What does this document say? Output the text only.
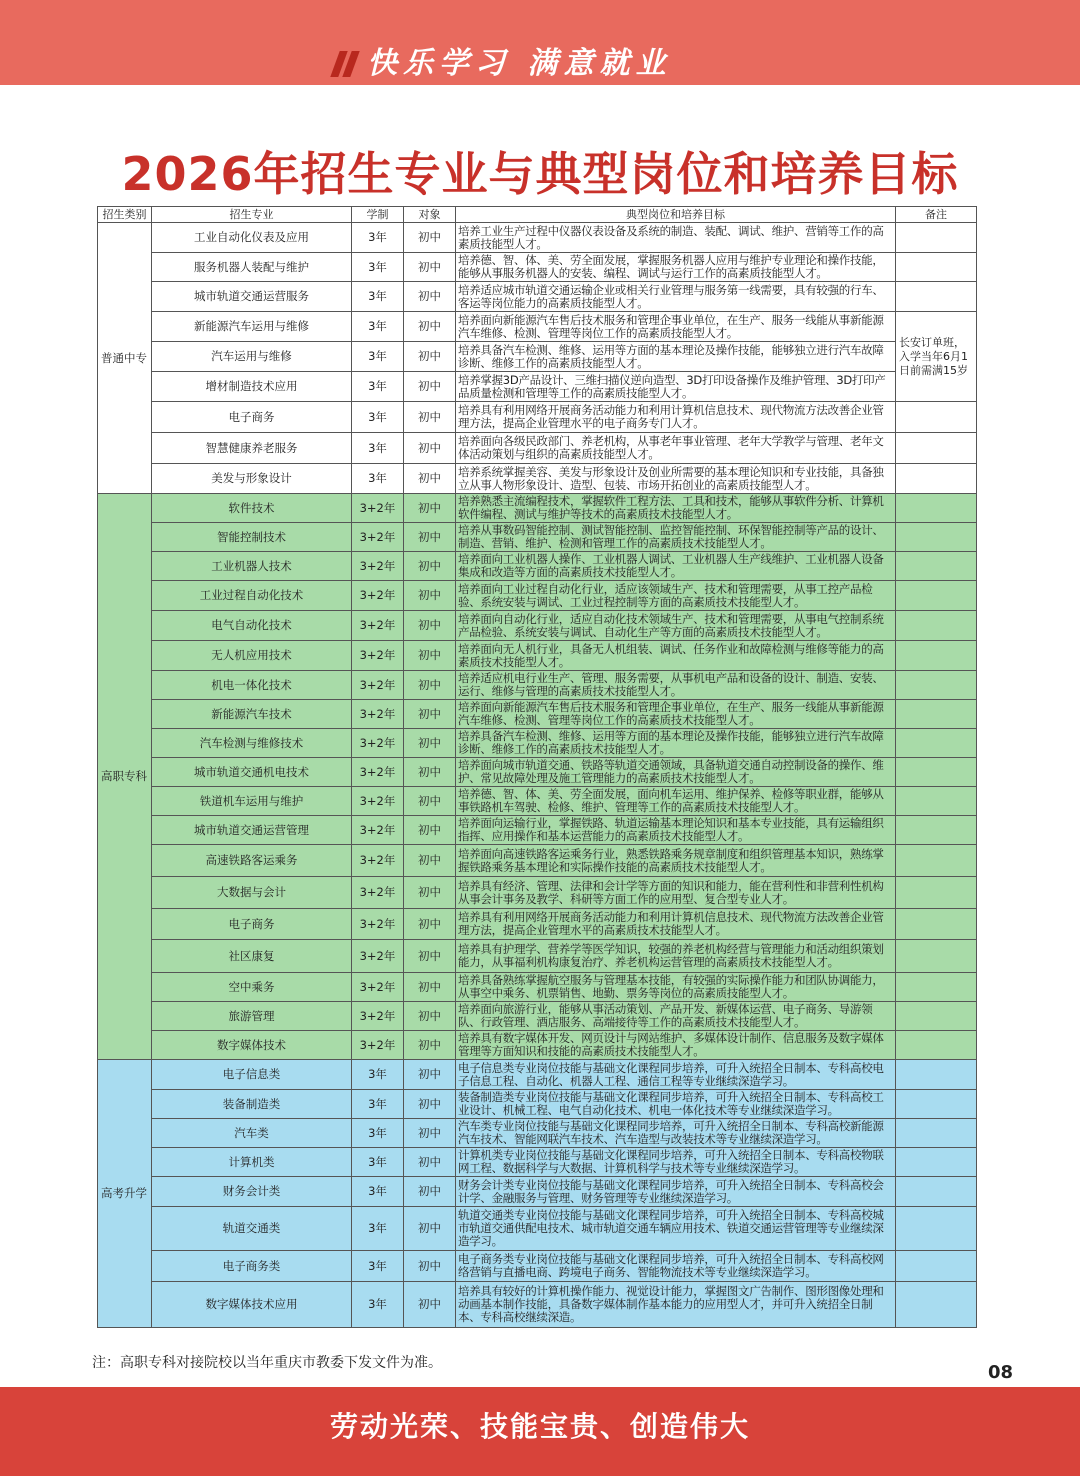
快乐学习 满意就业
2026年招生专业与典型岗位和培养目标
招生类别	招生专业	学制	对象	典型岗位和培养目标	备注
普通中专	工业自动化仪表及应用	3年	初中	培养工业生产过程中仪器仪表设备及系统的制造、装配、调试、维护、营销等工作的高素质技能型人才。	
	服务机器人装配与维护	3年	初中	培养德、智、体、美、劳全面发展，掌握服务机器人应用与维护专业理论和操作技能，能够从事服务机器人的安装、编程、调试与运行工作的高素质技能型人才。	
	城市轨道交通运营服务	3年	初中	培养适应城市轨道交通运输企业或相关行业管理与服务第一线需要，具有较强的行车、客运等岗位能力的高素质技能型人才。	
	新能源汽车运用与维修	3年	初中	培养面向新能源汽车售后技术服务和管理企事业单位，在生产、服务一线能从事新能源汽车维修、检测、管理等岗位工作的高素质技能型人才。	长安订单班，入学当年6月1日前需满15岁
	汽车运用与维修	3年	初中	培养具备汽车检测、维修、运用等方面的基本理论及操作技能，能够独立进行汽车故障诊断、维修工作的高素质技能型人才。	
	增材制造技术应用	3年	初中	培养掌握3D产品设计、三维扫描仪逆向造型、3D打印设备操作及维护管理、3D打印产品质量检测和管理等工作的高素质技能型人才。	
	电子商务	3年	初中	培养具有利用网络开展商务活动能力和利用计算机信息技术、现代物流方法改善企业管理方法，提高企业管理水平的电子商务专门人才。	
	智慧健康养老服务	3年	初中	培养面向各级民政部门、养老机构，从事老年事业管理、老年大学教学与管理、老年文体活动策划与组织的高素质技能型人才。	
	美发与形象设计	3年	初中	培养系统掌握美容、美发与形象设计及创业所需要的基本理论知识和专业技能，具备独立从事人物形象设计、造型、包装、市场开拓创业的高素质技能型人才。	
高职专科	软件技术	3+2年	初中	培养熟悉主流编程技术，掌握软件工程方法、工具和技术，能够从事软件分析、计算机软件编程、测试与维护等技术的高素质技术技能型人才。	
	智能控制技术	3+2年	初中	培养从事数码智能控制、测试智能控制、监控智能控制、环保智能控制等产品的设计、制造、营销、维护、检测和管理工作的高素质技术技能型人才。	
	工业机器人技术	3+2年	初中	培养面向工业机器人操作、工业机器人调试、工业机器人生产线维护、工业机器人设备集成和改造等方面的高素质技术技能型人才。	
	工业过程自动化技术	3+2年	初中	培养面向工业过程自动化行业，适应该领域生产、技术和管理需要，从事工控产品检验、系统安装与调试、工业过程控制等方面的高素质技术技能型人才。	
	电气自动化技术	3+2年	初中	培养面向自动化行业，适应自动化技术领域生产、技术和管理需要，从事电气控制系统产品检验、系统安装与调试、自动化生产等方面的高素质技术技能型人才。	
	无人机应用技术	3+2年	初中	培养面向无人机行业，具备无人机组装、调试、任务作业和故障检测与维修等能力的高素质技术技能型人才。	
	机电一体化技术	3+2年	初中	培养适应机电行业生产、管理、服务需要，从事机电产品和设备的设计、制造、安装、运行、维修与管理的高素质技术技能型人才。	
	新能源汽车技术	3+2年	初中	培养面向新能源汽车售后技术服务和管理企事业单位，在生产、服务一线能从事新能源汽车维修、检测、管理等岗位工作的高素质技术技能型人才。	
	汽车检测与维修技术	3+2年	初中	培养具备汽车检测、维修、运用等方面的基本理论及操作技能，能够独立进行汽车故障诊断、维修工作的高素质技术技能型人才。	
	城市轨道交通机电技术	3+2年	初中	培养面向城市轨道交通、铁路等轨道交通领域，具备轨道交通自动控制设备的操作、维护、常见故障处理及施工管理能力的高素质技术技能型人才。	
	铁道机车运用与维护	3+2年	初中	培养德、智、体、美、劳全面发展，面向机车运用、维护保养、检修等职业群，能够从事铁路机车驾驶、检修、维护、管理等工作的高素质技术技能型人才。	
	城市轨道交通运营管理	3+2年	初中	培养面向运输行业，掌握铁路、轨道运输基本理论知识和基本专业技能，具有运输组织指挥、应用操作和基本运营能力的高素质技术技能型人才。	
	高速铁路客运乘务	3+2年	初中	培养面向高速铁路客运乘务行业，熟悉铁路乘务规章制度和组织管理基本知识，熟练掌握铁路乘务基本理论和实际操作技能的高素质技术技能型人才。	
	大数据与会计	3+2年	初中	培养具有经济、管理、法律和会计学等方面的知识和能力，能在营利性和非营利性机构从事会计事务及教学、科研等方面工作的应用型、复合型专业人才。	
	电子商务	3+2年	初中	培养具有利用网络开展商务活动能力和利用计算机信息技术、现代物流方法改善企业管理方法，提高企业管理水平的高素质技术技能型人才。	
	社区康复	3+2年	初中	培养具有护理学、营养学等医学知识，较强的养老机构经营与管理能力和活动组织策划能力，从事福利机构康复治疗、养老机构运营管理的高素质技术技能型人才。	
	空中乘务	3+2年	初中	培养具备熟练掌握航空服务与管理基本技能，有较强的实际操作能力和团队协调能力，从事空中乘务、机票销售、地勤、票务等岗位的高素质技能型人才。	
	旅游管理	3+2年	初中	培养面向旅游行业，能够从事活动策划、产品开发、新媒体运营、电子商务、导游领队、行政管理、酒店服务、高端接待等工作的高素质技术技能型人才。	
	数字媒体技术	3+2年	初中	培养具有数字媒体开发、网页设计与网站维护、多媒体设计制作、信息服务及数字媒体管理等方面知识和技能的高素质技术技能型人才。	
高考升学	电子信息类	3年	初中	电子信息类专业岗位技能与基础文化课程同步培养，可升入统招全日制本、专科高校电子信息工程、自动化、机器人工程、通信工程等专业继续深造学习。	
	装备制造类	3年	初中	装备制造类专业岗位技能与基础文化课程同步培养，可升入统招全日制本、专科高校工业设计、机械工程、电气自动化技术、机电一体化技术等专业继续深造学习。	
	汽车类	3年	初中	汽车类专业岗位技能与基础文化课程同步培养，可升入统招全日制本、专科高校新能源汽车技术、智能网联汽车技术、汽车造型与改装技术等专业继续深造学习。	
	计算机类	3年	初中	计算机类专业岗位技能与基础文化课程同步培养，可升入统招全日制本、专科高校物联网工程、数据科学与大数据、计算机科学与技术等专业继续深造学习。	
	财务会计类	3年	初中	财务会计类专业岗位技能与基础文化课程同步培养，可升入统招全日制本、专科高校会计学、金融服务与管理、财务管理等专业继续深造学习。	
	轨道交通类	3年	初中	轨道交通类专业岗位技能与基础文化课程同步培养，可升入统招全日制本、专科高校城市轨道交通供配电技术、城市轨道交通车辆应用技术、铁道交通运营管理等专业继续深造学习。	
	电子商务类	3年	初中	电子商务类专业岗位技能与基础文化课程同步培养，可升入统招全日制本、专科高校网络营销与直播电商、跨境电子商务、智能物流技术等专业继续深造学习。	
	数字媒体技术应用	3年	初中	培养具有较好的计算机操作能力、视觉设计能力，掌握图文广告制作、图形图像处理和动画基本制作技能，具备数字媒体制作基本能力的应用型人才，并可升入统招全日制本、专科高校继续深造。	
注：高职专科对接院校以当年重庆市教委下发文件为准。	08
劳动光荣、技能宝贵、创造伟大
